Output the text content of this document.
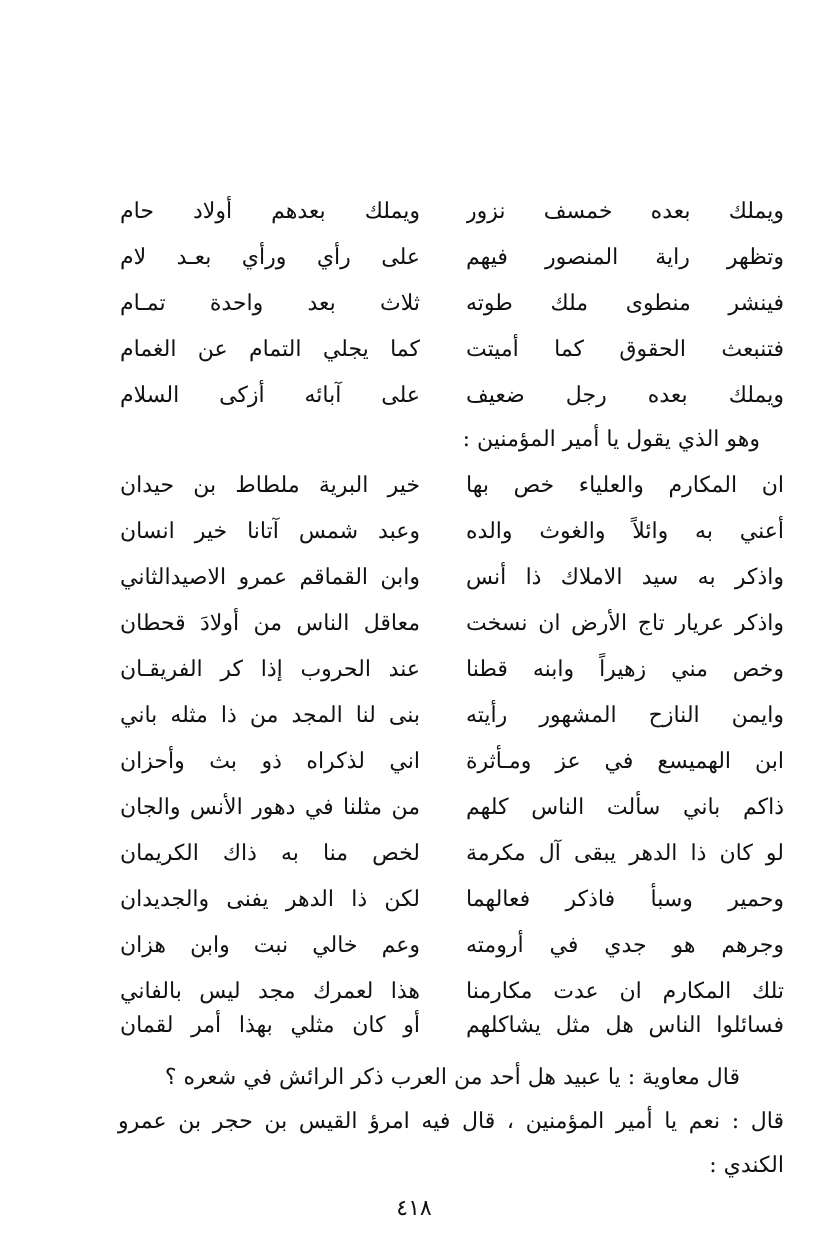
ويملك بعده خمسف نزور
ويملك بعدهم أولاد حام
وتظهر راية المنصور فيهم
على رأي ورأي بعـد لام
فينشر منطوى ملك طوته
ثلاث بعد واحدة تمـام
فتنبعث الحقوق كما أميتت
كما يجلي التمام عن الغمام
ويملك بعده رجل ضعيف
على آبائه أزكى السلام
وهو الذي يقول يا أمير المؤمنين :
ان المكارم والعلياء خص بها
خير البرية ملطاط بن حيدان
أعني به وائلاً والغوث والده
وعبد شمس آتانا خير انسان
واذكر به سيد الاملاك ذا أنس
وابن القماقم عمرو الاصيدالثاني
واذكر عريار تاج الأرض ان نسخت
معاقل الناس من أولادَ قحطان
وخص مني زهيراً وابنه قطنا
عند الحروب إذا كر الفريقـان
وايمن النازح المشهور رأيته
بنى لنا المجد من ذا مثله باني
ابن الهميسع في عز ومـأثرة
اني لذكراه ذو بث وأحزان
ذاكم باني سألت الناس كلهم
من مثلنا في دهور الأنس والجان
لو كان ذا الدهر يبقى آل مكرمة
لخص منا به ذاك الكريمان
وحمير وسبأ فاذكر فعالهما
لكن ذا الدهر يفنى والجديدان
وجرهم هو جدي في أرومته
وعم خالي نبت وابن هزان
تلك المكارم ان عدت مكارمنا
هذا لعمرك مجد ليس بالفاني
فسائلوا الناس هل مثل يشاكلهم
أو كان مثلي بهذا أمر لقمان
قال معاوية : يا عبيد هل أحد من العرب ذكر الرائش في شعره ؟
قال : نعم يا أمير المؤمنين ، قال فيه امرؤ القيس بن حجر بن عمرو
الكندي :
٤١٨
